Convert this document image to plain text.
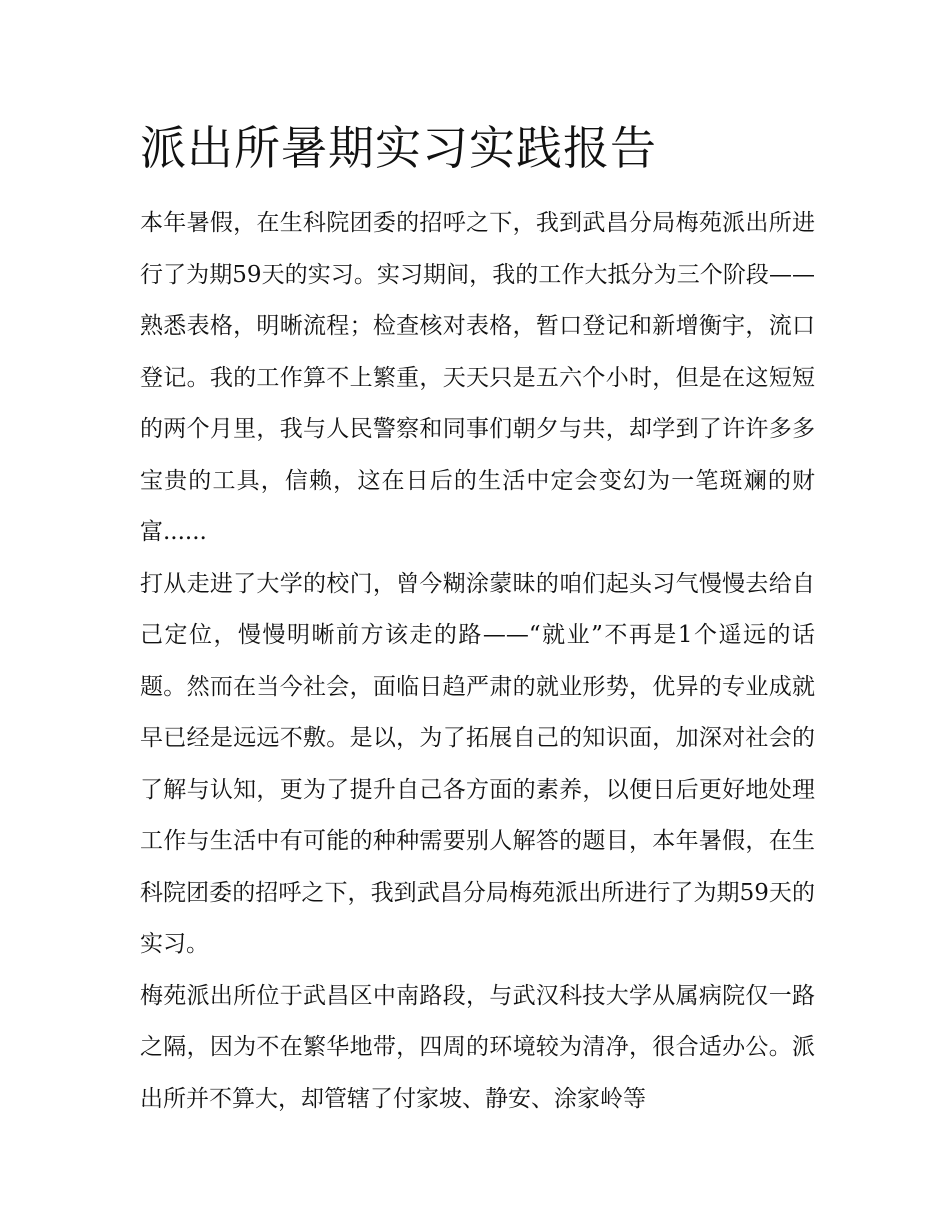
派出所暑期实习实践报告

本年暑假，在生科院团委的招呼之下，我到武昌分局梅苑派出所进行了为期59天的实习。实习期间，我的工作大抵分为三个阶段——熟悉表格，明晰流程；检查核对表格，暂口登记和新增衡宇，流口登记。我的工作算不上繁重，天天只是五六个小时，但是在这短短的两个月里，我与人民警察和同事们朝夕与共，却学到了许许多多宝贵的工具，信赖，这在日后的生活中定会变幻为一笔斑斓的财富......

打从走进了大学的校门，曾今糊涂蒙昧的咱们起头习气慢慢去给自己定位，慢慢明晰前方该走的路——“就业”不再是1个遥远的话题。然而在当今社会，面临日趋严肃的就业形势，优异的专业成就早已经是远远不敷。是以，为了拓展自己的知识面，加深对社会的了解与认知，更为了提升自己各方面的素养，以便日后更好地处理工作与生活中有可能的种种需要别人解答的题目，本年暑假，在生科院团委的招呼之下，我到武昌分局梅苑派出所进行了为期59天的实习。

梅苑派出所位于武昌区中南路段，与武汉科技大学从属病院仅一路之隔，因为不在繁华地带，四周的环境较为清净，很合适办公。派出所并不算大，却管辖了付家坡、静安、涂家岭等
